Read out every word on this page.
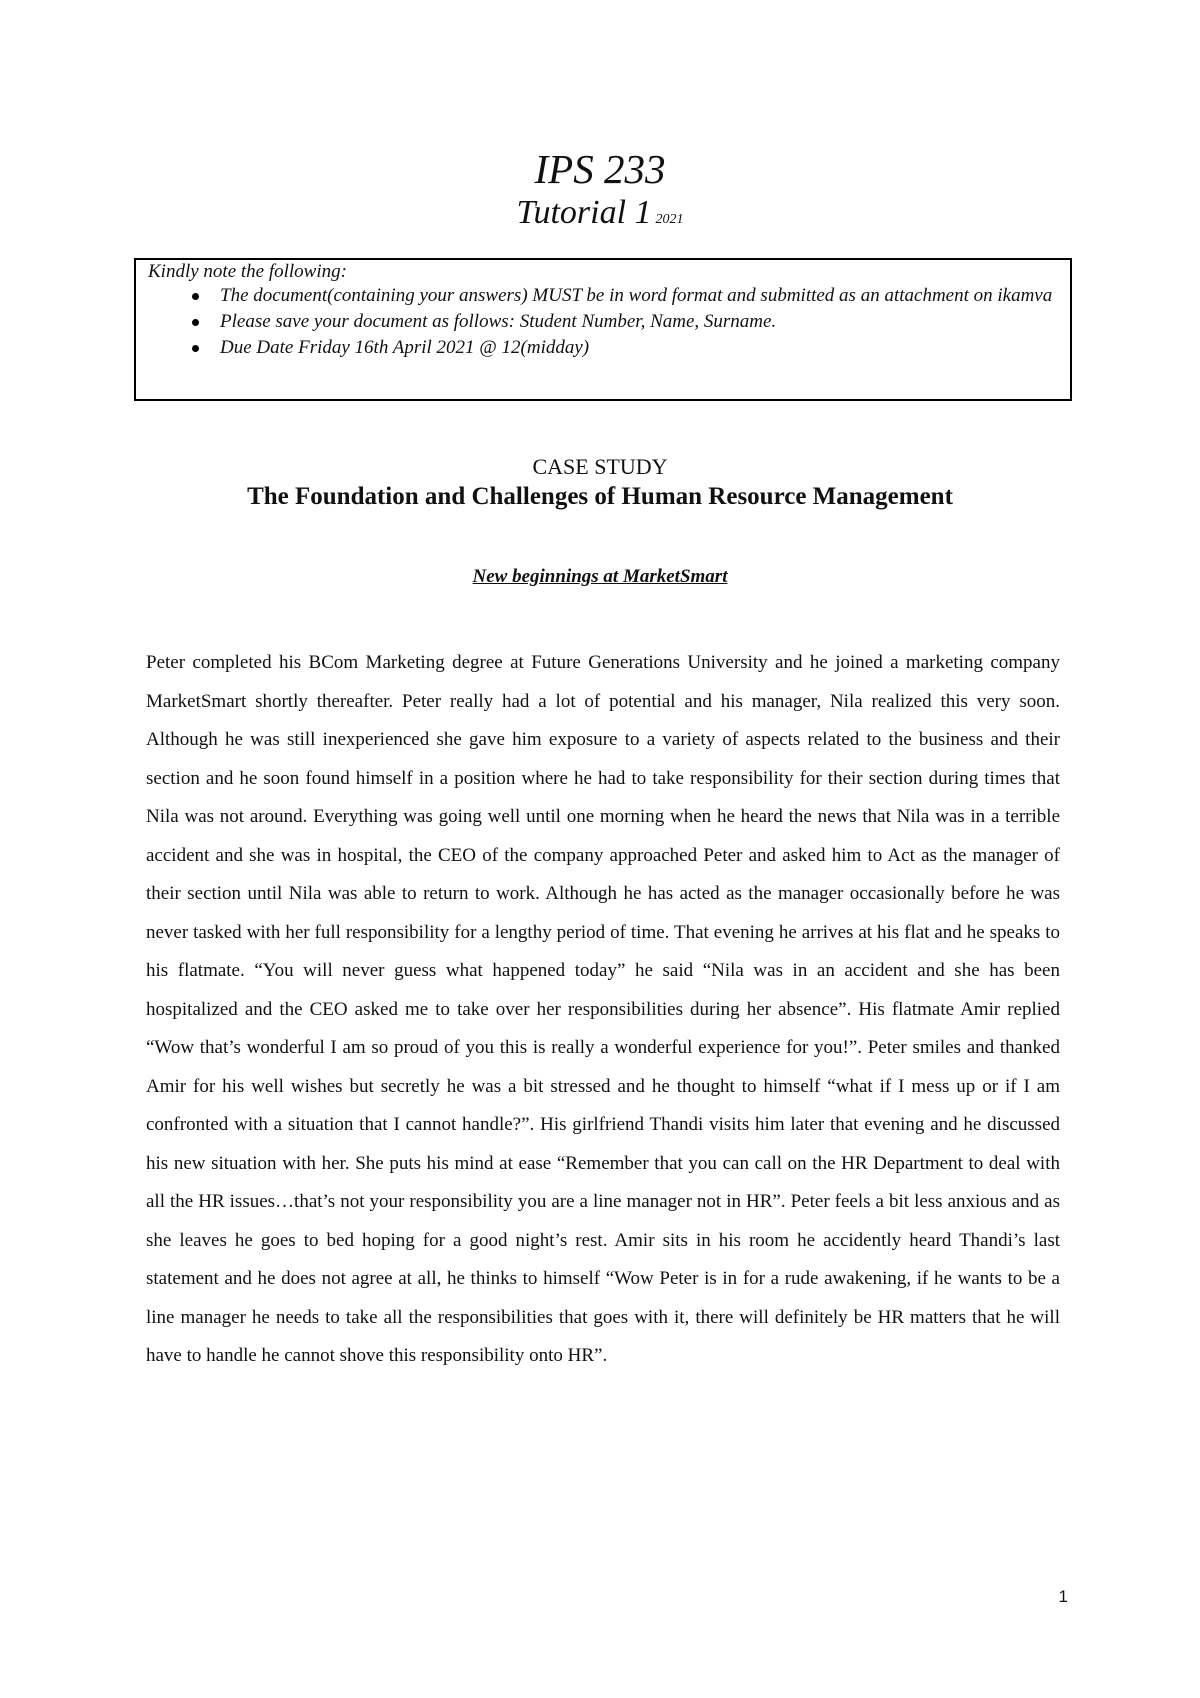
IPS 233
Tutorial 1 2021
Kindly note the following:
The document(containing your answers) MUST be in word format and submitted as an attachment on ikamva
Please save your document as follows: Student Number, Name, Surname.
Due Date Friday 16th April 2021 @ 12(midday)
CASE STUDY
The Foundation and Challenges of Human Resource Management
New beginnings at MarketSmart

Peter completed his BCom Marketing degree at Future Generations University and he joined a marketing company MarketSmart shortly thereafter. Peter really had a lot of potential and his manager, Nila realized this very soon. Although he was still inexperienced she gave him exposure to a variety of aspects related to the business and their section and he soon found himself in a position where he had to take responsibility for their section during times that Nila was not around. Everything was going well until one morning when he heard the news that Nila was in a terrible accident and she was in hospital, the CEO of the company approached Peter and asked him to Act as the manager of their section until Nila was able to return to work. Although he has acted as the manager occasionally before he was never tasked with her full responsibility for a lengthy period of time. That evening he arrives at his flat and he speaks to his flatmate. “You will never guess what happened today” he said “Nila was in an accident and she has been hospitalized and the CEO asked me to take over her responsibilities during her absence”. His flatmate Amir replied “Wow that’s wonderful I am so proud of you this is really a wonderful experience for you!”. Peter smiles and thanked Amir for his well wishes but secretly he was a bit stressed and he thought to himself “what if I mess up or if I am confronted with a situation that I cannot handle?”. His girlfriend Thandi visits him later that evening and he discussed his new situation with her. She puts his mind at ease “Remember that you can call on the HR Department to deal with all the HR issues…that’s not your responsibility you are a line manager not in HR”. Peter feels a bit less anxious and as she leaves he goes to bed hoping for a good night’s rest. Amir sits in his room he accidently heard Thandi’s last statement and he does not agree at all, he thinks to himself “Wow Peter is in for a rude awakening, if he wants to be a line manager he needs to take all the responsibilities that goes with it, there will definitely be HR matters that he will have to handle he cannot shove this responsibility onto HR”.

1
